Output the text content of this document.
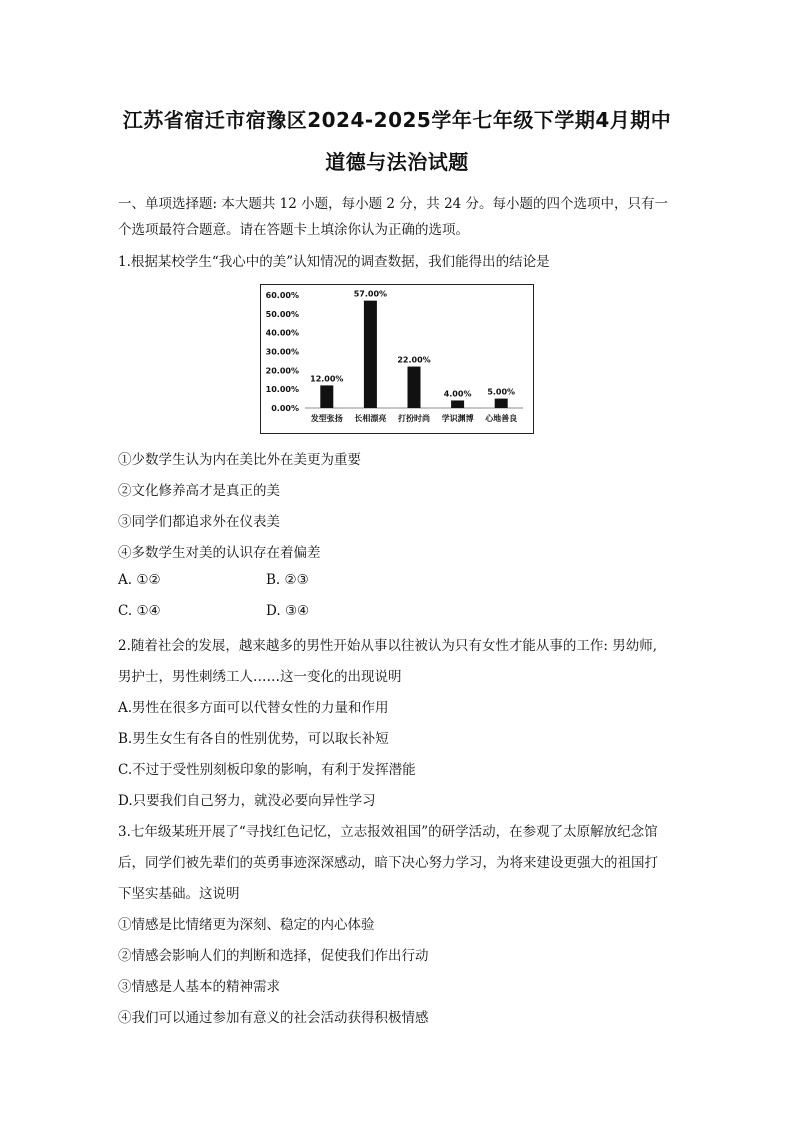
江苏省宿迁市宿豫区2024-2025学年七年级下学期4月期中
道德与法治试题
一、单项选择题: 本大题共 12 小题，每小题 2 分，共 24 分。每小题的四个选项中，只有一
个选项最符合题意。请在答题卡上填涂你认为正确的选项。
1.根据某校学生“我心中的美”认知情况的调查数据，我们能得出的结论是
0.00%
10.00%
20.00%
30.00%
40.00%
50.00%
60.00%
12.00%
发型张扬
57.00%
长相漂亮
22.00%
打扮时尚
4.00%
学识渊博
5.00%
心地善良
①少数学生认为内在美比外在美更为重要
②文化修养高才是真正的美
③同学们都追求外在仪表美
④多数学生对美的认识存在着偏差
A. ①②	B. ②③
C. ①④	D. ③④
2.随着社会的发展，越来越多的男性开始从事以往被认为只有女性才能从事的工作: 男幼师,
男护士，男性刺绣工人……这一变化的出现说明
A.男性在很多方面可以代替女性的力量和作用
B.男生女生有各自的性别优势，可以取长补短
C.不过于受性别刻板印象的影响，有利于发挥潜能
D.只要我们自己努力，就没必要向异性学习
3.七年级某班开展了“寻找红色记忆，立志报效祖国”的研学活动，在参观了太原解放纪念馆
后，同学们被先辈们的英勇事迹深深感动，暗下决心努力学习，为将来建设更强大的祖国打
下坚实基础。这说明
①情感是比情绪更为深刻、稳定的内心体验
②情感会影响人们的判断和选择，促使我们作出行动
③情感是人基本的精神需求
④我们可以通过参加有意义的社会活动获得积极情感
